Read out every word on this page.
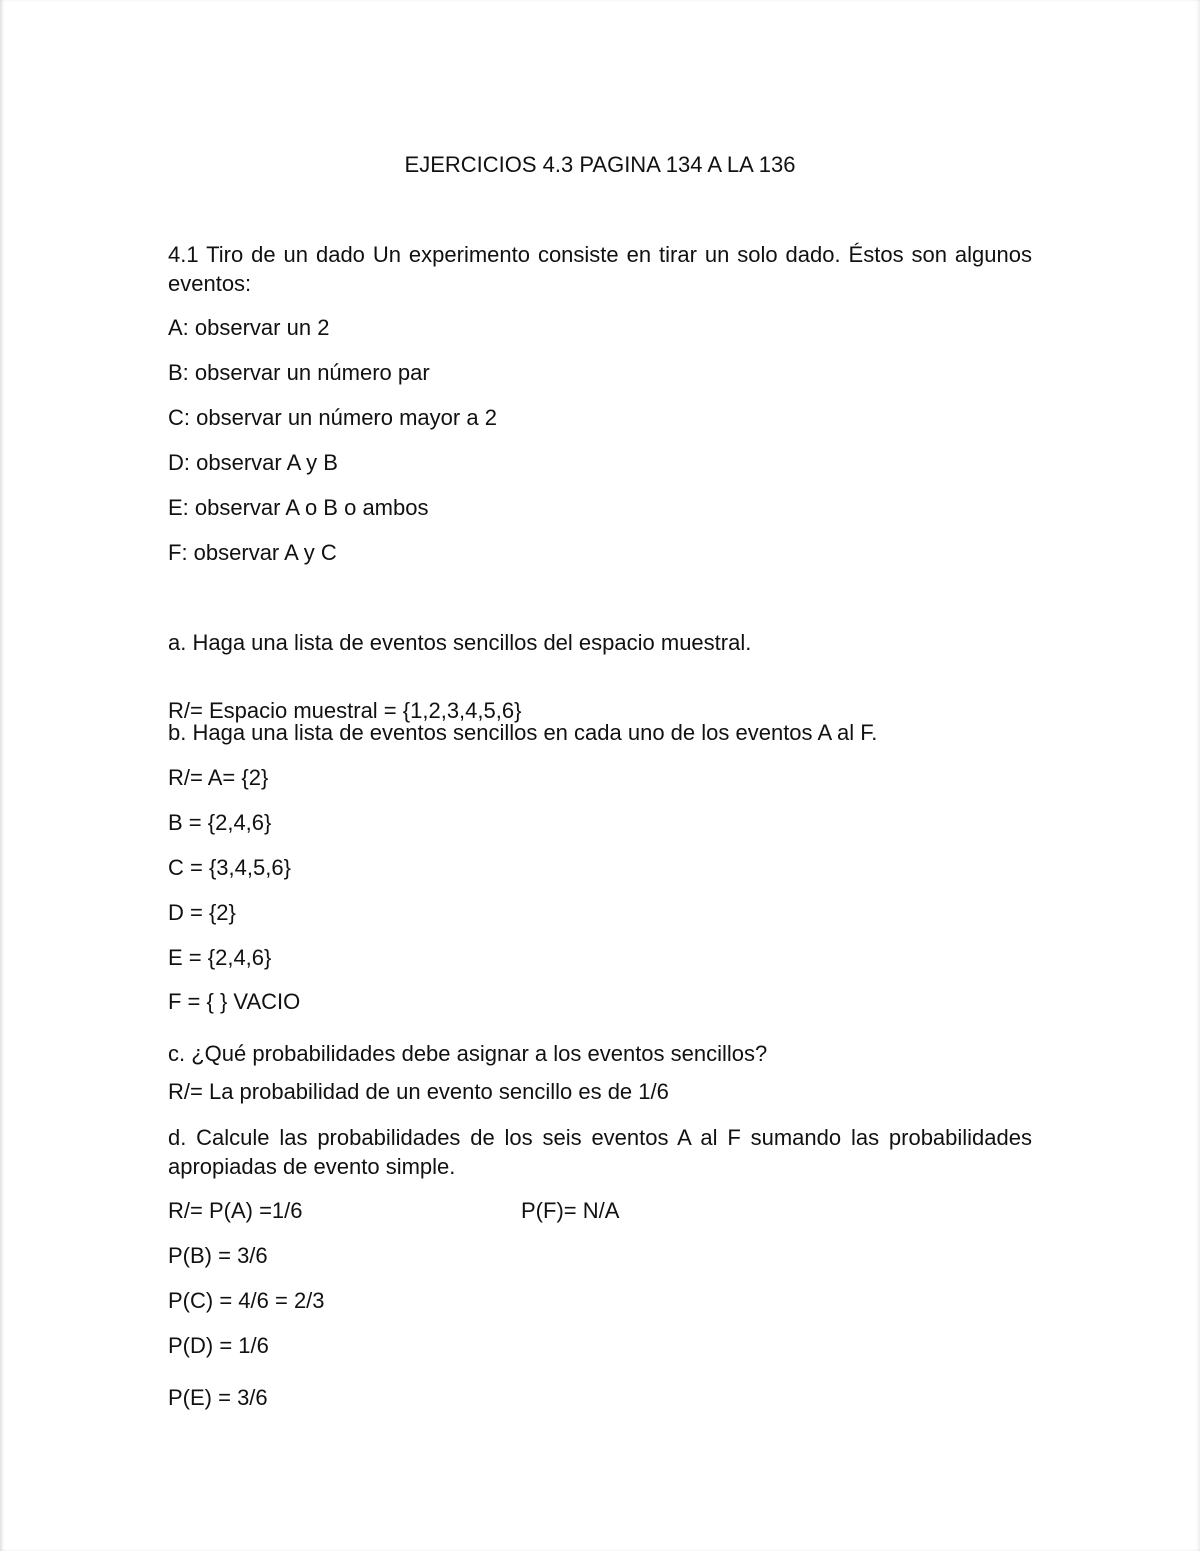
EJERCICIOS 4.3 PAGINA 134 A LA 136
4.1 Tiro de un dado Un experimento consiste en tirar un solo dado. Éstos son algunos eventos:
A: observar un 2
B: observar un número par
C: observar un número mayor a 2
D: observar A y B
E: observar A o B o ambos
F: observar A y C
a. Haga una lista de eventos sencillos del espacio muestral.
R/= Espacio muestral = {1,2,3,4,5,6}
b. Haga una lista de eventos sencillos en cada uno de los eventos A al F.
R/= A= {2}
B = {2,4,6}
C = {3,4,5,6}
D = {2}
E = {2,4,6}
F = { } VACIO
c. ¿Qué probabilidades debe asignar a los eventos sencillos?
R/= La probabilidad de un evento sencillo es de 1/6
d. Calcule las probabilidades de los seis eventos A al F sumando las probabilidades apropiadas de evento simple.
R/= P(A) =1/6	P(F)= N/A
P(B) = 3/6
P(C) = 4/6 = 2/3
P(D) = 1/6
P(E) = 3/6
